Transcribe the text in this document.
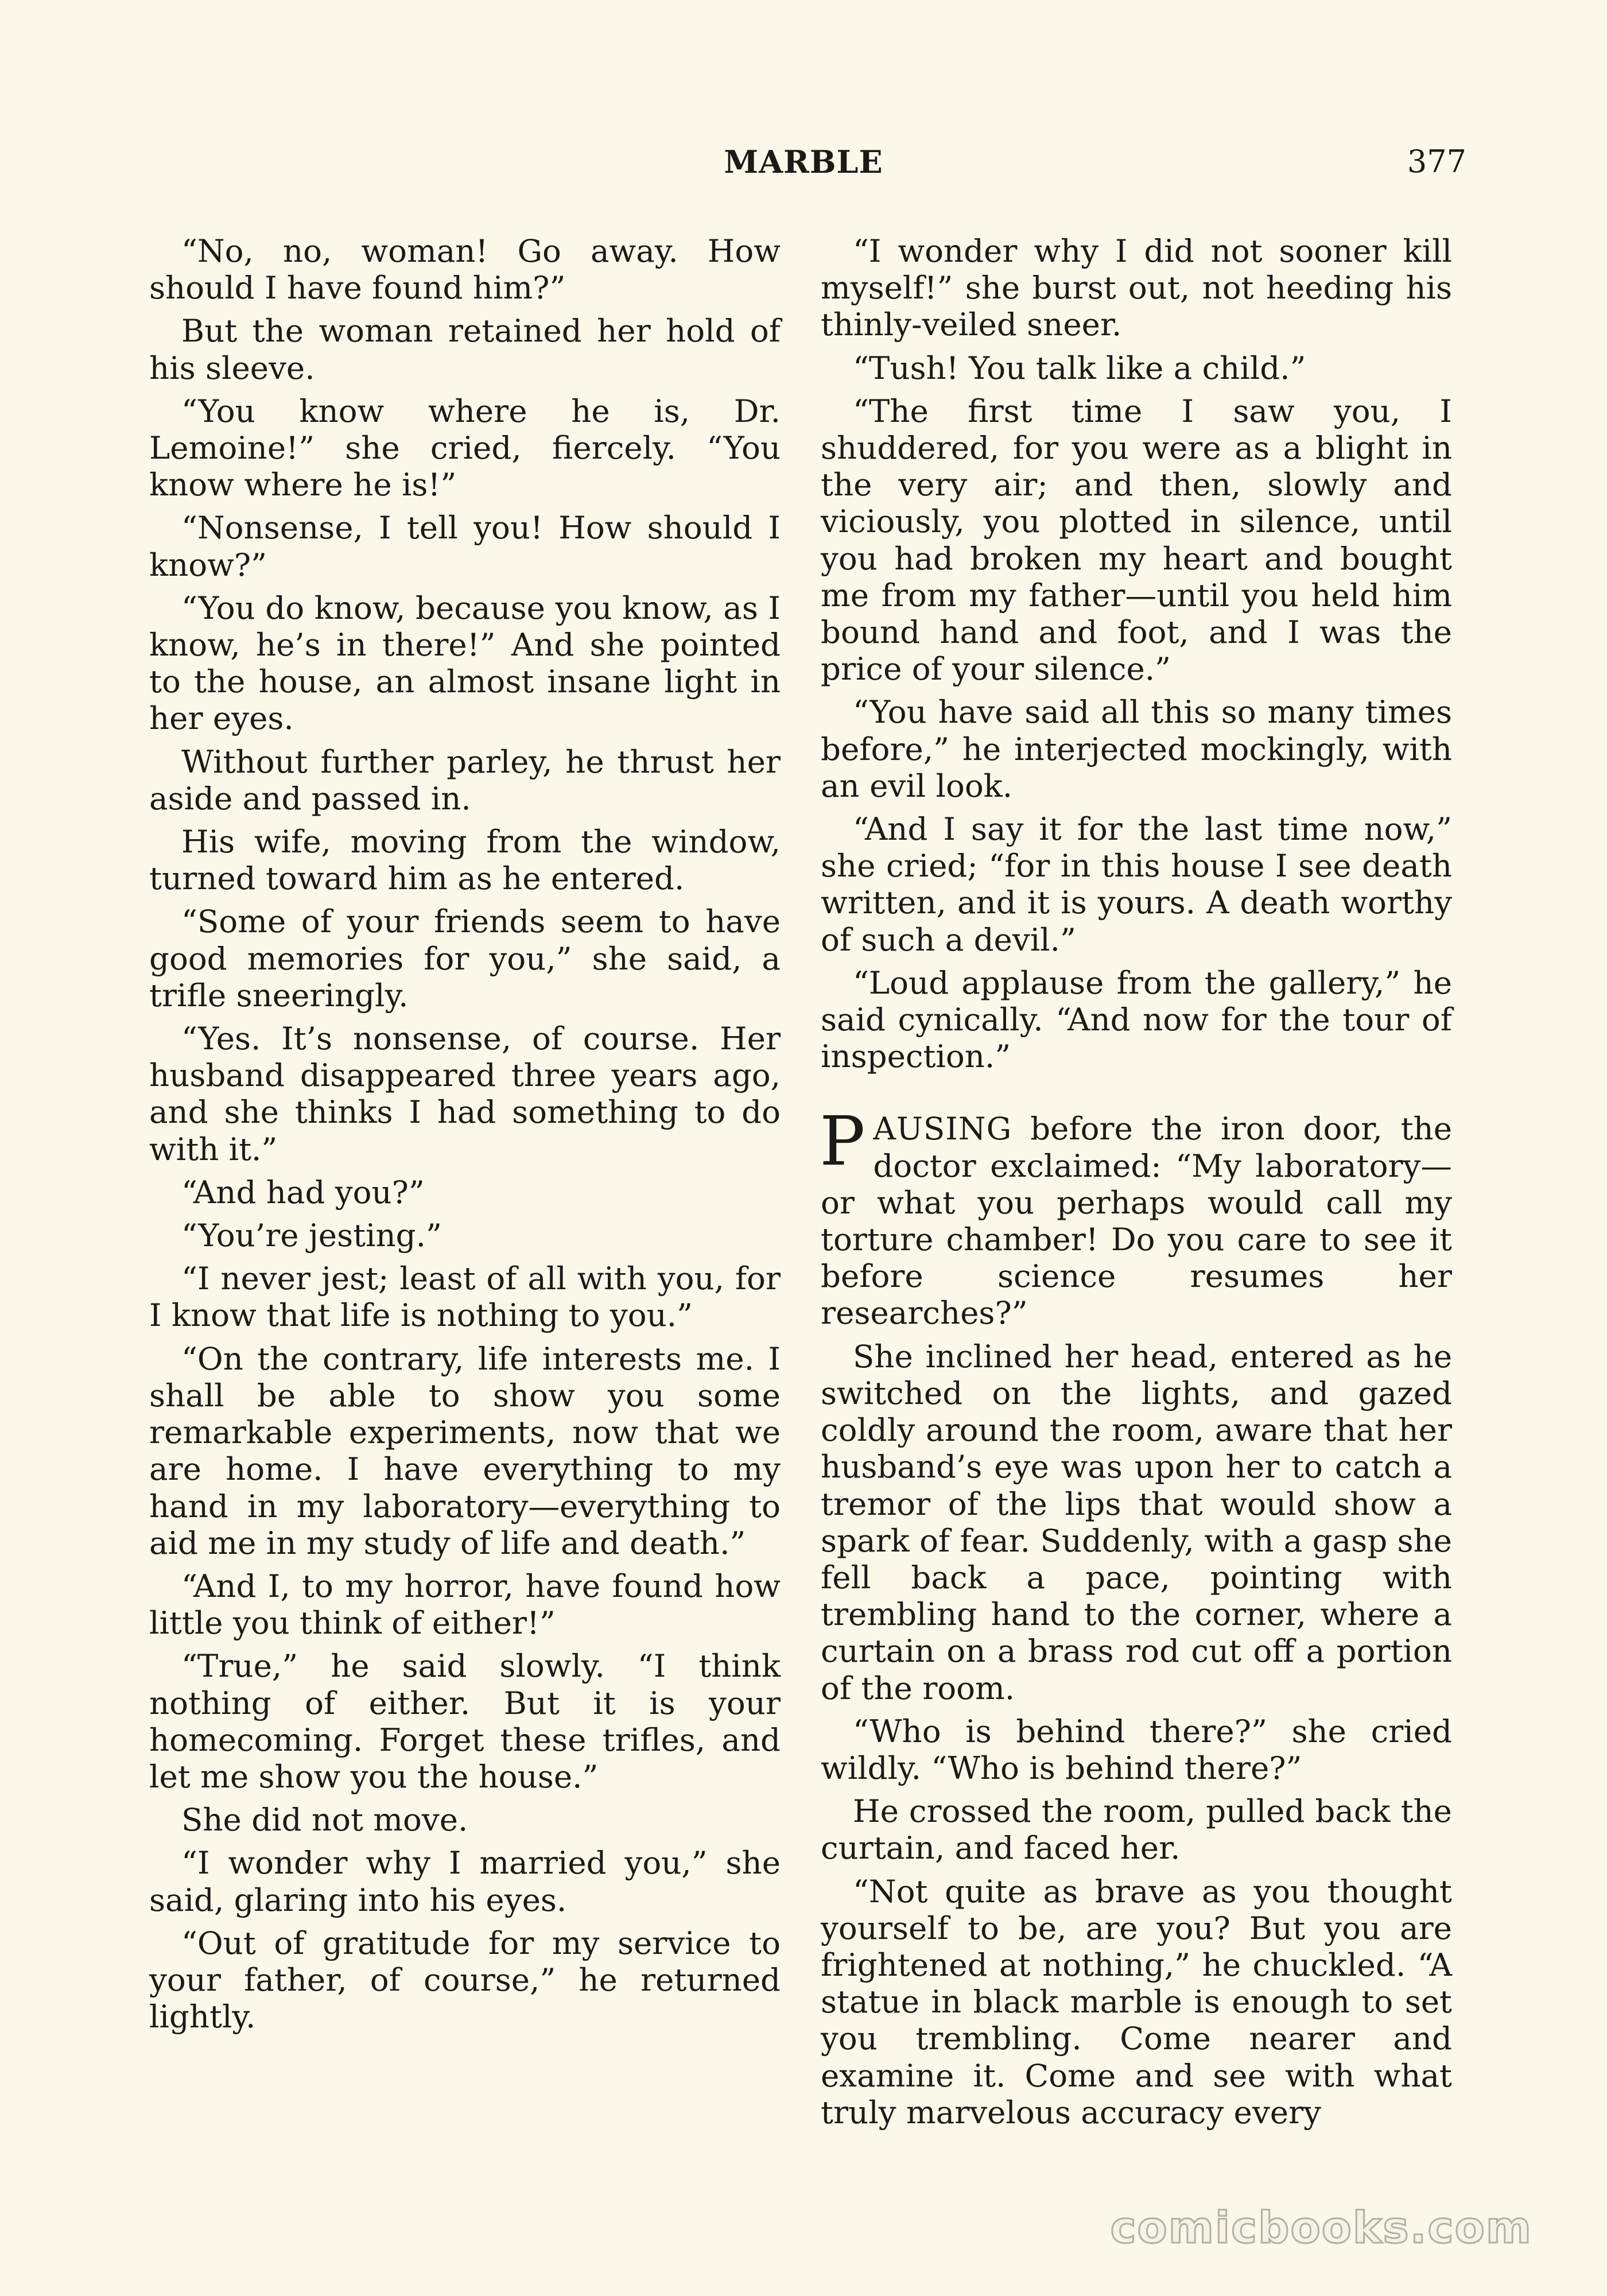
MARBLE	377

“No, no, woman! Go away. How should I have found him?”

But the woman retained her hold of his sleeve.

“You know where he is, Dr. Lemoine!” she cried, fiercely. “You know where he is!”

“Nonsense, I tell you! How should I know?”

“You do know, because you know, as I know, he’s in there!” And she pointed to the house, an almost insane light in her eyes.

Without further parley, he thrust her aside and passed in.

His wife, moving from the window, turned toward him as he entered.

“Some of your friends seem to have good memories for you,” she said, a trifle sneeringly.

“Yes. It’s nonsense, of course. Her husband disappeared three years ago, and she thinks I had something to do with it.”

“And had you?”

“You’re jesting.”

“I never jest; least of all with you, for I know that life is nothing to you.”

“On the contrary, life interests me. I shall be able to show you some remarkable experiments, now that we are home. I have everything to my hand in my laboratory—everything to aid me in my study of life and death.”

“And I, to my horror, have found how little you think of either!”

“True,” he said slowly. “I think nothing of either. But it is your homecoming. Forget these trifles, and let me show you the house.”

She did not move.

“I wonder why I married you,” she said, glaring into his eyes.

“Out of gratitude for my service to your father, of course,” he returned lightly.

“I wonder why I did not sooner kill myself!” she burst out, not heeding his thinly-veiled sneer.

“Tush! You talk like a child.”

“The first time I saw you, I shuddered, for you were as a blight in the very air; and then, slowly and viciously, you plotted in silence, until you had broken my heart and bought me from my father—until you held him bound hand and foot, and I was the price of your silence.”

“You have said all this so many times before,” he interjected mockingly, with an evil look.

“And I say it for the last time now,” she cried; “for in this house I see death written, and it is yours. A death worthy of such a devil.”

“Loud applause from the gallery,” he said cynically. “And now for the tour of inspection.”

PAUSING before the iron door, the doctor exclaimed: “My laboratory—or what you perhaps would call my torture chamber! Do you care to see it before science resumes her researches?”

She inclined her head, entered as he switched on the lights, and gazed coldly around the room, aware that her husband’s eye was upon her to catch a tremor of the lips that would show a spark of fear. Suddenly, with a gasp she fell back a pace, pointing with trembling hand to the corner, where a curtain on a brass rod cut off a portion of the room.

“Who is behind there?” she cried wildly. “Who is behind there?”

He crossed the room, pulled back the curtain, and faced her.

“Not quite as brave as you thought yourself to be, are you? But you are frightened at nothing,” he chuckled. “A statue in black marble is enough to set you trembling. Come nearer and examine it. Come and see with what truly marvelous accuracy every

comicbooks.com
